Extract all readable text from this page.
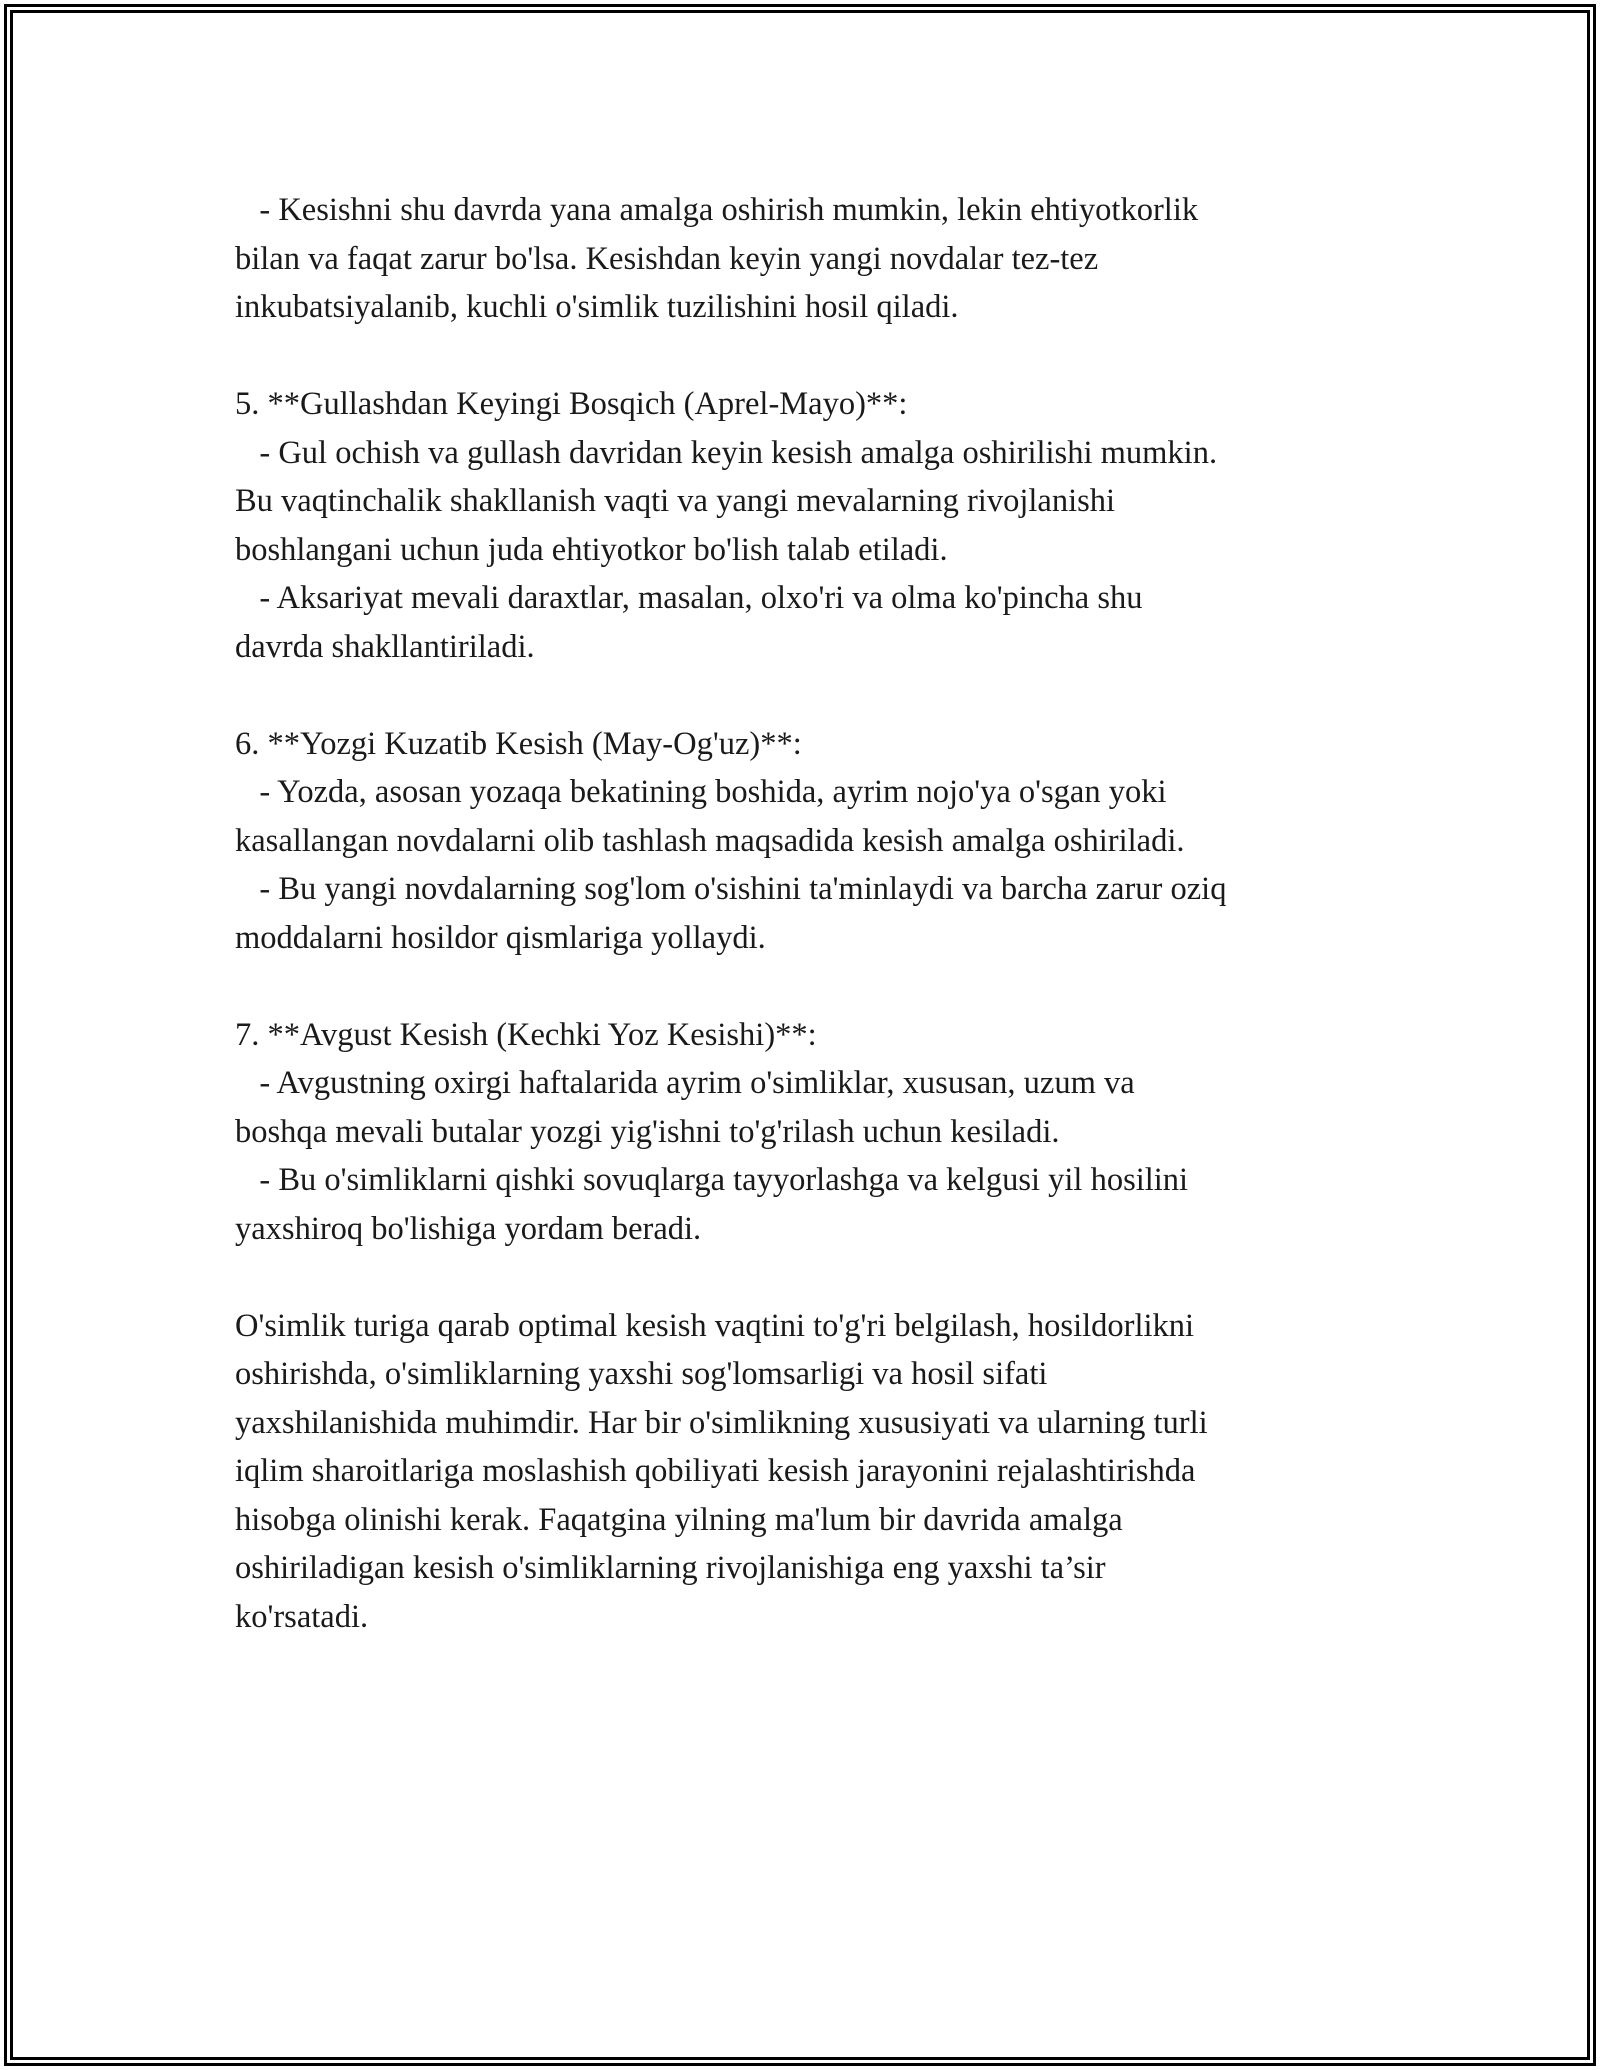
- Kesishni shu davrda yana amalga oshirish mumkin, lekin ehtiyotkorlik
bilan va faqat zarur bo'lsa. Kesishdan keyin yangi novdalar tez-tez
inkubatsiyalanib, kuchli o'simlik tuzilishini hosil qiladi.
5. **Gullashdan Keyingi Bosqich (Aprel-Mayo)**:
- Gul ochish va gullash davridan keyin kesish amalga oshirilishi mumkin.
Bu vaqtinchalik shakllanish vaqti va yangi mevalarning rivojlanishi
boshlangani uchun juda ehtiyotkor bo'lish talab etiladi.
- Aksariyat mevali daraxtlar, masalan, olxo'ri va olma ko'pincha shu
davrda shakllantiriladi.
6. **Yozgi Kuzatib Kesish (May-Og'uz)**:
- Yozda, asosan yozaqa bekatining boshida, ayrim nojo'ya o'sgan yoki
kasallangan novdalarni olib tashlash maqsadida kesish amalga oshiriladi.
- Bu yangi novdalarning sog'lom o'sishini ta'minlaydi va barcha zarur oziq
moddalarni hosildor qismlariga yollaydi.
7. **Avgust Kesish (Kechki Yoz Kesishi)**:
- Avgustning oxirgi haftalarida ayrim o'simliklar, xususan, uzum va
boshqa mevali butalar yozgi yig'ishni to'g'rilash uchun kesiladi.
- Bu o'simliklarni qishki sovuqlarga tayyorlashga va kelgusi yil hosilini
yaxshiroq bo'lishiga yordam beradi.
O'simlik turiga qarab optimal kesish vaqtini to'g'ri belgilash, hosildorlikni
oshirishda, o'simliklarning yaxshi sog'lomsarligi va hosil sifati
yaxshilanishida muhimdir. Har bir o'simlikning xususiyati va ularning turli
iqlim sharoitlariga moslashish qobiliyati kesish jarayonini rejalashtirishda
hisobga olinishi kerak. Faqatgina yilning ma'lum bir davrida amalga
oshiriladigan kesish o'simliklarning rivojlanishiga eng yaxshi ta’sir
ko'rsatadi.
